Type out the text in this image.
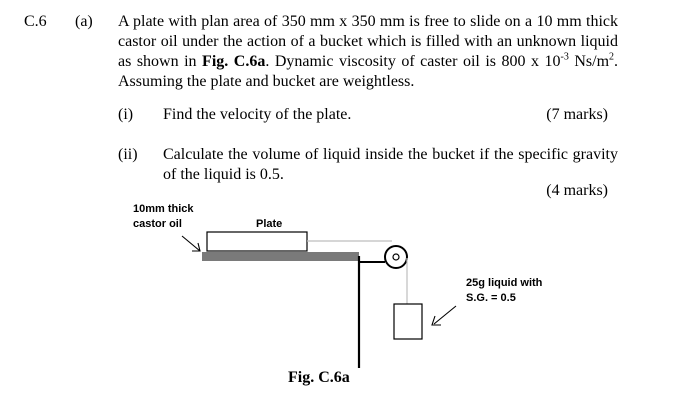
C.6 (a) A plate with plan area of 350 mm x 350 mm is free to slide on a 10 mm thick castor oil under the action of a bucket which is filled with an unknown liquid as shown in Fig. C.6a. Dynamic viscosity of caster oil is 800 x $10^{-3}$ $Ns/m^2$. Assuming the plate and bucket are weightless.
(i) Find the velocity of the plate.	(7 marks)
(ii) Calculate the volume of liquid inside the bucket if the specific gravity of the liquid is 0.5.
(4 marks)
10mm thick
castor oil	Plate
25g liquid with
S.G. = 0.5
Fig. C.6a
